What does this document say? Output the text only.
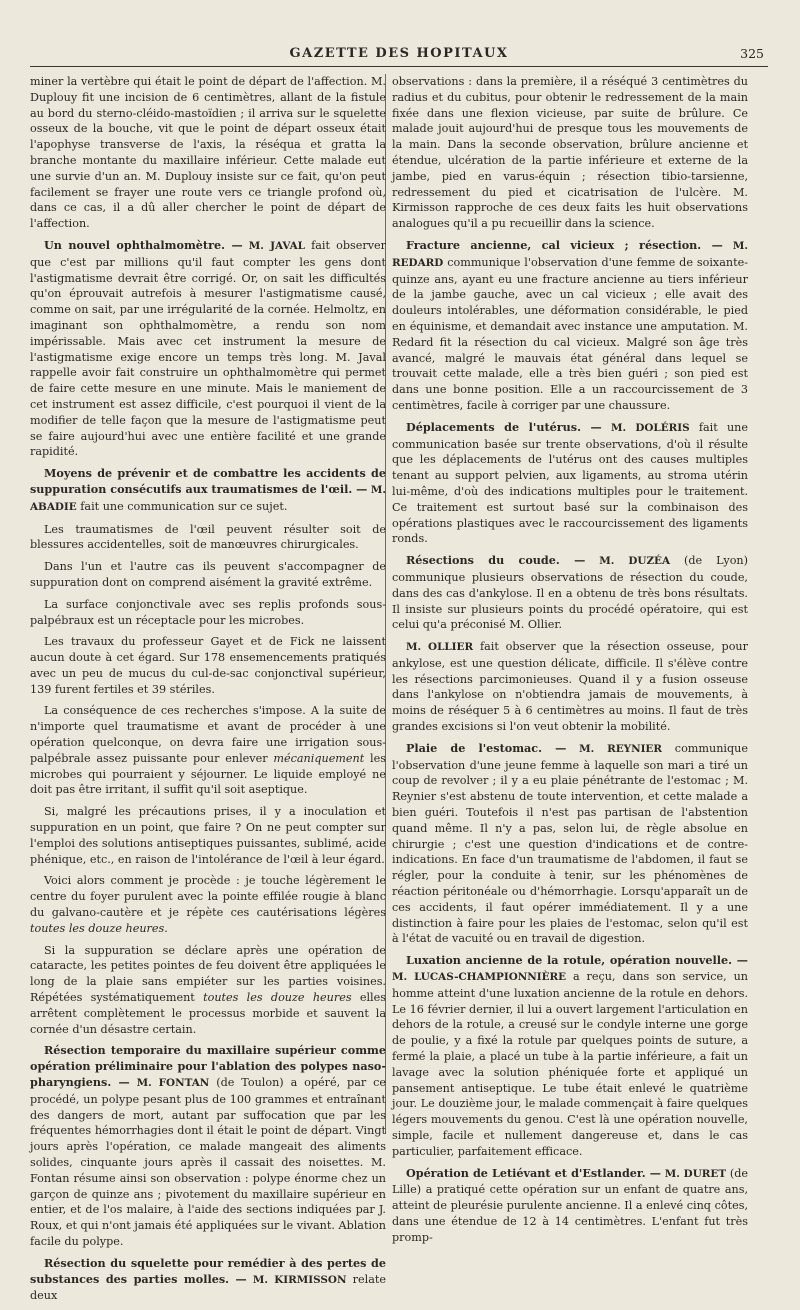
GAZETTE DES HOPITAUX	325

miner la vertèbre qui était le point de départ de l'affection. M. Duplouy fit une incision de 6 centimètres, allant de la fistule au bord du sterno-cléido-mastoïdien ; il arriva sur le squelette osseux de la bouche, vit que le point de départ osseux était l'apophyse transverse de l'axis, la réséqua et gratta la branche montante du maxillaire inférieur. Cette malade eut une survie d'un an. M. Duplouy insiste sur ce fait, qu'on peut facilement se frayer une route vers ce triangle profond où, dans ce cas, il a dû aller chercher le point de départ de l'affection.

Un nouvel ophthalmomètre. — M. JAVAL fait observer que c'est par millions qu'il faut compter les gens dont l'astigmatisme devrait être corrigé. Or, on sait les difficultés qu'on éprouvait autrefois à mesurer l'astigmatisme causé, comme on sait, par une irrégularité de la cornée. Helmoltz, en imaginant son ophthalmomètre, a rendu son nom impérissable. Mais avec cet instrument la mesure de l'astigmatisme exige encore un temps très long. M. Javal rappelle avoir fait construire un ophthalmomètre qui permet de faire cette mesure en une minute. Mais le maniement de cet instrument est assez difficile, c'est pourquoi il vient de la modifier de telle façon que la mesure de l'astigmatisme peut se faire aujourd'hui avec une entière facilité et une grande rapidité.

Moyens de prévenir et de combattre les accidents de suppuration consécutifs aux traumatismes de l'œil. — M. ABADIE fait une communication sur ce sujet.

Les traumatismes de l'œil peuvent résulter soit de blessures accidentelles, soit de manœuvres chirurgicales.

Dans l'un et l'autre cas ils peuvent s'accompagner de suppuration dont on comprend aisément la gravité extrême.

La surface conjonctivale avec ses replis profonds sous-palpébraux est un réceptacle pour les microbes.

Les travaux du professeur Gayet et de Fick ne laissent aucun doute à cet égard. Sur 178 ensemencements pratiqués avec un peu de mucus du cul-de-sac conjonctival supérieur, 139 furent fertiles et 39 stériles.

La conséquence de ces recherches s'impose. A la suite de n'importe quel traumatisme et avant de procéder à une opération quelconque, on devra faire une irrigation sous-palpébrale assez puissante pour enlever mécaniquement les microbes qui pourraient y séjourner. Le liquide employé ne doit pas être irritant, il suffit qu'il soit aseptique.

Si, malgré les précautions prises, il y a inoculation et suppuration en un point, que faire ? On ne peut compter sur l'emploi des solutions antiseptiques puissantes, sublimé, acide phénique, etc., en raison de l'intolérance de l'œil à leur égard.

Voici alors comment je procède : je touche légèrement le centre du foyer purulent avec la pointe effilée rougie à blanc du galvano-cautère et je répète ces cautérisations légères toutes les douze heures.

Si la suppuration se déclare après une opération de cataracte, les petites pointes de feu doivent être appliquées le long de la plaie sans empiéter sur les parties voisines. Répétées systématiquement toutes les douze heures elles arrêtent complètement le processus morbide et sauvent la cornée d'un désastre certain.

Résection temporaire du maxillaire supérieur comme opération préliminaire pour l'ablation des polypes naso-pharyngiens. — M. FONTAN (de Toulon) a opéré, par ce procédé, un polype pesant plus de 100 grammes et entraînant des dangers de mort, autant par suffocation que par les fréquentes hémorrhagies dont il était le point de départ. Vingt jours après l'opération, ce malade mangeait des aliments solides, cinquante jours après il cassait des noisettes. M. Fontan résume ainsi son observation : polype énorme chez un garçon de quinze ans ; pivotement du maxillaire supérieur en entier, et de l'os malaire, à l'aide des sections indiquées par J. Roux, et qui n'ont jamais été appliquées sur le vivant. Ablation facile du polype.

Résection du squelette pour remédier à des pertes de substances des parties molles. — M. KIRMISSON relate deux

observations : dans la première, il a réséqué 3 centimètres du radius et du cubitus, pour obtenir le redressement de la main fixée dans une flexion vicieuse, par suite de brûlure. Ce malade jouit aujourd'hui de presque tous les mouvements de la main. Dans la seconde observation, brûlure ancienne et étendue, ulcération de la partie inférieure et externe de la jambe, pied en varus-équin ; résection tibio-tarsienne, redressement du pied et cicatrisation de l'ulcère. M. Kirmisson rapproche de ces deux faits les huit observations analogues qu'il a pu recueillir dans la science.

Fracture ancienne, cal vicieux ; résection. — M. REDARD communique l'observation d'une femme de soixante-quinze ans, ayant eu une fracture ancienne au tiers inférieur de la jambe gauche, avec un cal vicieux ; elle avait des douleurs intolérables, une déformation considérable, le pied en équinisme, et demandait avec instance une amputation. M. Redard fit la résection du cal vicieux. Malgré son âge très avancé, malgré le mauvais état général dans lequel se trouvait cette malade, elle a très bien guéri ; son pied est dans une bonne position. Elle a un raccourcissement de 3 centimètres, facile à corriger par une chaussure.

Déplacements de l'utérus. — M. DOLÉRIS fait une communication basée sur trente observations, d'où il résulte que les déplacements de l'utérus ont des causes multiples tenant au support pelvien, aux ligaments, au stroma utérin lui-même, d'où des indications multiples pour le traitement. Ce traitement est surtout basé sur la combinaison des opérations plastiques avec le raccourcissement des ligaments ronds.

Résections du coude. — M. DUZÉA (de Lyon) communique plusieurs observations de résection du coude, dans des cas d'ankylose. Il en a obtenu de très bons résultats. Il insiste sur plusieurs points du procédé opératoire, qui est celui qu'a préconisé M. Ollier.

M. OLLIER fait observer que la résection osseuse, pour ankylose, est une question délicate, difficile. Il s'élève contre les résections parcimonieuses. Quand il y a fusion osseuse dans l'ankylose on n'obtiendra jamais de mouvements, à moins de réséquer 5 à 6 centimètres au moins. Il faut de très grandes excisions si l'on veut obtenir la mobilité.

Plaie de l'estomac. — M. REYNIER communique l'observation d'une jeune femme à laquelle son mari a tiré un coup de revolver ; il y a eu plaie pénétrante de l'estomac ; M. Reynier s'est abstenu de toute intervention, et cette malade a bien guéri. Toutefois il n'est pas partisan de l'abstention quand même. Il n'y a pas, selon lui, de règle absolue en chirurgie ; c'est une question d'indications et de contre-indications. En face d'un traumatisme de l'abdomen, il faut se régler, pour la conduite à tenir, sur les phénomènes de réaction péritonéale ou d'hémorrhagie. Lorsqu'apparaît un de ces accidents, il faut opérer immédiatement. Il y a une distinction à faire pour les plaies de l'estomac, selon qu'il est à l'état de vacuité ou en travail de digestion.

Luxation ancienne de la rotule, opération nouvelle. — M. LUCAS-CHAMPIONNIÈRE a reçu, dans son service, un homme atteint d'une luxation ancienne de la rotule en dehors. Le 16 février dernier, il lui a ouvert largement l'articulation en dehors de la rotule, a creusé sur le condyle interne une gorge de poulie, y a fixé la rotule par quelques points de suture, a fermé la plaie, a placé un tube à la partie inférieure, a fait un lavage avec la solution phéniquée forte et appliqué un pansement antiseptique. Le tube était enlevé le quatrième jour. Le douzième jour, le malade commençait à faire quelques légers mouvements du genou. C'est là une opération nouvelle, simple, facile et nullement dangereuse et, dans le cas particulier, parfaitement efficace.

Opération de Letiévant et d'Estlander. — M. DURET (de Lille) a pratiqué cette opération sur un enfant de quatre ans, atteint de pleurésie purulente ancienne. Il a enlevé cinq côtes, dans une étendue de 12 à 14 centimètres. L'enfant fut très promp-
